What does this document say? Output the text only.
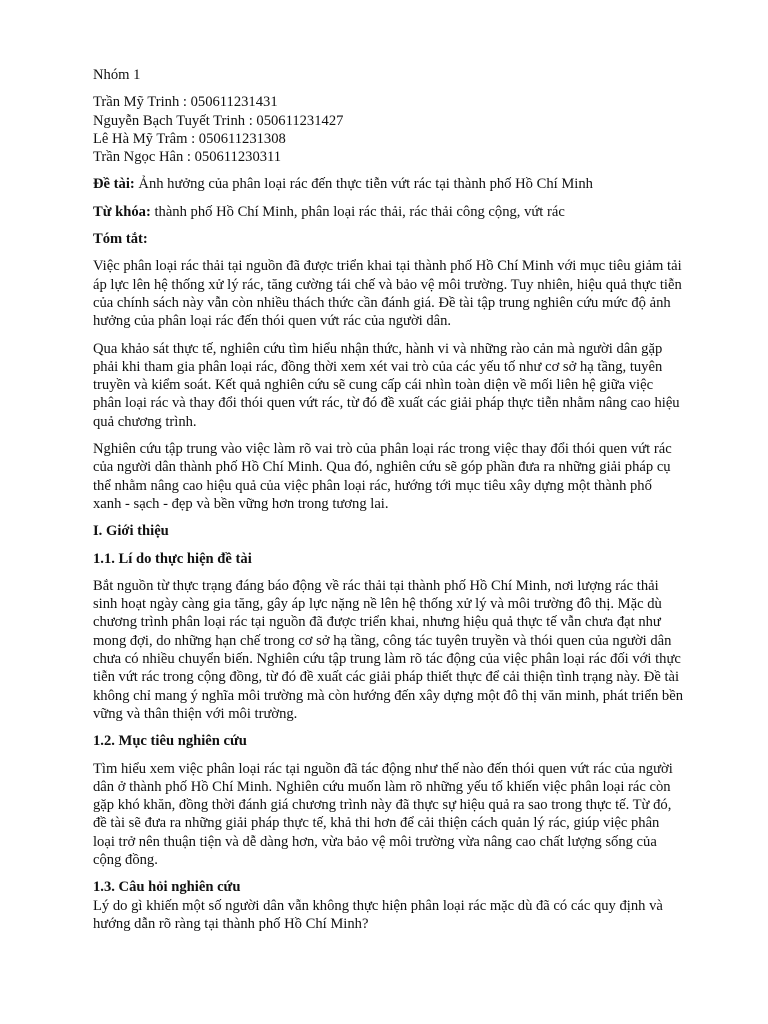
Nhóm 1

Trần Mỹ Trinh : 050611231431
Nguyễn Bạch Tuyết Trinh : 050611231427
Lê Hà Mỹ Trâm : 050611231308
Trần Ngọc Hân : 050611230311

Đề tài: Ảnh hưởng của phân loại rác đến thực tiễn vứt rác tại thành phố Hồ Chí Minh

Từ khóa: thành phố Hồ Chí Minh, phân loại rác thải, rác thải công cộng, vứt rác

Tóm tắt:

Việc phân loại rác thải tại nguồn đã được triển khai tại thành phố Hồ Chí Minh với mục tiêu giảm tải áp lực lên hệ thống xử lý rác, tăng cường tái chế và bảo vệ môi trường. Tuy nhiên, hiệu quả thực tiễn của chính sách này vẫn còn nhiều thách thức cần đánh giá. Đề tài tập trung nghiên cứu mức độ ảnh hưởng của phân loại rác đến thói quen vứt rác của người dân.

Qua khảo sát thực tế, nghiên cứu tìm hiểu nhận thức, hành vi và những rào cản mà người dân gặp phải khi tham gia phân loại rác, đồng thời xem xét vai trò của các yếu tố như cơ sở hạ tầng, tuyên truyền và kiểm soát. Kết quả nghiên cứu sẽ cung cấp cái nhìn toàn diện về mối liên hệ giữa việc phân loại rác và thay đổi thói quen vứt rác, từ đó đề xuất các giải pháp thực tiễn nhằm nâng cao hiệu quả chương trình.

Nghiên cứu tập trung vào việc làm rõ vai trò của phân loại rác trong việc thay đổi thói quen vứt rác của người dân thành phố Hồ Chí Minh. Qua đó, nghiên cứu sẽ góp phần đưa ra những giải pháp cụ thể nhằm nâng cao hiệu quả của việc phân loại rác, hướng tới mục tiêu xây dựng một thành phố xanh - sạch - đẹp và bền vững hơn trong tương lai.

I. Giới thiệu

1.1. Lí do thực hiện đề tài

Bắt nguồn từ thực trạng đáng báo động về rác thải tại thành phố Hồ Chí Minh, nơi lượng rác thải sinh hoạt ngày càng gia tăng, gây áp lực nặng nề lên hệ thống xử lý và môi trường đô thị. Mặc dù chương trình phân loại rác tại nguồn đã được triển khai, nhưng hiệu quả thực tế vẫn chưa đạt như mong đợi, do những hạn chế trong cơ sở hạ tầng, công tác tuyên truyền và thói quen của người dân chưa có nhiều chuyển biến. Nghiên cứu tập trung làm rõ tác động của việc phân loại rác đối với thực tiễn vứt rác trong cộng đồng, từ đó đề xuất các giải pháp thiết thực để cải thiện tình trạng này. Đề tài không chỉ mang ý nghĩa môi trường mà còn hướng đến xây dựng một đô thị văn minh, phát triển bền vững và thân thiện với môi trường.

1.2. Mục tiêu nghiên cứu

Tìm hiểu xem việc phân loại rác tại nguồn đã tác động như thế nào đến thói quen vứt rác của người dân ở thành phố Hồ Chí Minh. Nghiên cứu muốn làm rõ những yếu tố khiến việc phân loại rác còn gặp khó khăn, đồng thời đánh giá chương trình này đã thực sự hiệu quả ra sao trong thực tế. Từ đó, đề tài sẽ đưa ra những giải pháp thực tế, khả thi hơn để cải thiện cách quản lý rác, giúp việc phân loại trở nên thuận tiện và dễ dàng hơn, vừa bảo vệ môi trường vừa nâng cao chất lượng sống của cộng đồng.

1.3. Câu hỏi nghiên cứu

Lý do gì khiến một số người dân vẫn không thực hiện phân loại rác mặc dù đã có các quy định và hướng dẫn rõ ràng tại thành phố Hồ Chí Minh?
